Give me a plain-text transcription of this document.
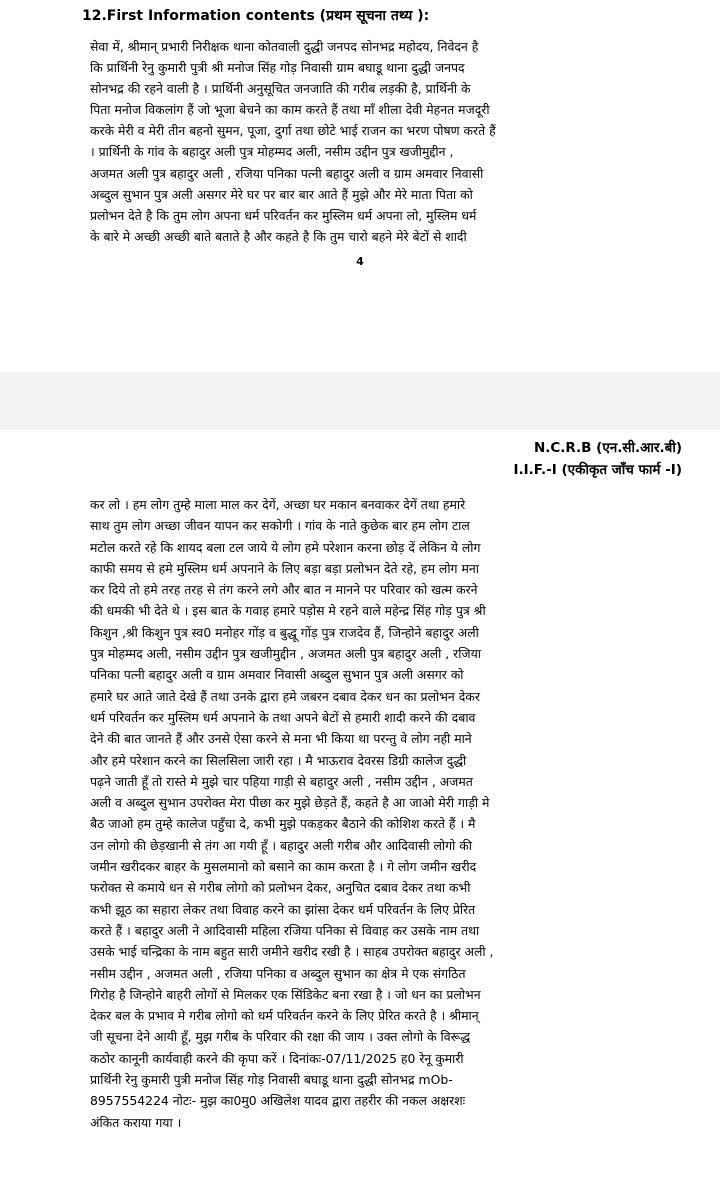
12.First Information contents (प्रथम सूचना तथ्य ):

सेवा में, श्रीमान् प्रभारी निरीक्षक थाना कोतवाली दुद्धी जनपद सोनभद्र महोदय, निवेदन है
कि प्रार्थिनी रेनु कुमारी पुत्री श्री मनोज सिंह गोड़ निवासी ग्राम बघाडू थाना दुद्धी जनपद
सोनभद्र की रहने वाली है । प्रार्थिनी अनुसूचित जनजाति की गरीब लड़की है, प्रार्थिनी के
पिता मनोज विकलांग हैं जो भूजा बेचने का काम करते हैं तथा माँ शीला देवी मेहनत मजदूरी
करके मेरी व मेरी तीन बहनो सुमन, पूजा, दुर्गा तथा छोटे भाई राजन का भरण पोषण करते हैं
। प्रार्थिनी के गांव के बहादुर अली पुत्र मोहम्मद अली, नसीम उद्दीन पुत्र खजीमुद्दीन ,
अजमत अली पुत्र बहादुर अली , रजिया पनिका पत्नी बहादुर अली व ग्राम अमवार निवासी
अब्दुल सुभान पुत्र अली असगर मेरे घर पर बार बार आते हैं मुझे और मेरे माता पिता को
प्रलोभन देते है कि तुम लोग अपना धर्म परिवर्तन कर मुस्लिम धर्म अपना लो, मुस्लिम धर्म
के बारे मे अच्छी अच्छी बाते बताते है और कहते है कि तुम चारो बहने मेरे बेटों से शादी

4
N.C.R.B (एन.सी.आर.बी)
I.I.F.-I (एकीकृत जाँच फार्म -I)

कर लो । हम लोग तुम्हे माला माल कर देगें, अच्छा घर मकान बनवाकर देगें तथा हमारे
साथ तुम लोग अच्छा जीवन यापन कर सकोगी । गांव के नाते कुछेक बार हम लोग टाल
मटोल करते रहे कि शायद बला टल जाये ये लोग हमे परेशान करना छोड़ दें लेकिन ये लोग
काफी समय से हमे मुस्लिम धर्म अपनाने के लिए बड़ा बड़ा प्रलोभन देते रहे, हम लोग मना
कर दिये तो हमे तरह तरह से तंग करने लगे और बात न मानने पर परिवार को खत्म करने
की धमकी भी देते थे । इस बात के गवाह हमारे पड़ोस मे रहने वाले महेन्द्र सिंह गोड़ पुत्र श्री
किशुन ,श्री किशुन पुत्र स्व0 मनोहर गोंड़ व बुद्धू गोंड़ पुत्र राजदेव हैं, जिन्होने बहादुर अली
पुत्र मोहम्मद अली, नसीम उद्दीन पुत्र खजीमुद्दीन , अजमत अली पुत्र बहादुर अली , रजिया
पनिका पत्नी बहादुर अली व ग्राम अमवार निवासी अब्दुल सुभान पुत्र अली असगर को
हमारे घर आते जाते देखे हैं तथा उनके द्वारा हमे जबरन दबाव देकर धन का प्रलोभन देकर
धर्म परिवर्तन कर मुस्लिम धर्म अपनाने के तथा अपने बेटों से हमारी शादी करने की दबाव
देने की बात जानते हैं और उनसे ऐसा करने से मना भी किया था परन्तु वे लोग नही माने
और हमे परेशान करने का सिलसिला जारी रहा । मै भाऊराव देवरस डिग्री कालेज दुद्धी
पढ़ने जाती हूँ तो रास्ते मे मुझे चार पहिया गाड़ी से बहादुर अली , नसीम उद्दीन , अजमत
अली व अब्दुल सुभान उपरोक्त मेरा पीछा कर मुझे छेड़ते हैं, कहते है आ जाओ मेरी गाड़ी मे
बैठ जाओ हम तुम्हे कालेज पहुँचा दे, कभी मुझे पकड़कर बैठाने की कोशिश करते हैं । मै
उन लोगो की छेड़खानी से तंग आ गयी हूँ । बहादुर अली गरीब और आदिवासी लोगो की
जमीन खरीदकर बाहर के मुसलमानो को बसाने का काम करता है । गे लोग जमीन खरीद
फरोक्त से कमाये धन से गरीब लोगो को प्रलोभन देकर, अनुचित दबाव देकर तथा कभी
कभी झूठ का सहारा लेकर तथा विवाह करने का झांसा देकर धर्म परिवर्तन के लिए प्रेरित
करते हैं । बहादुर अली ने आदिवासी महिला रजिया पनिका से विवाह कर उसके नाम तथा
उसके भाई चन्द्रिका के नाम बहुत सारी जमीने खरीद रखी है । साहब उपरोक्त बहादुर अली ,
नसीम उद्दीन , अजमत अली , रजिया पनिका व अब्दुल सुभान का क्षेत्र मे एक संगठित
गिरोह है जिन्होने बाहरी लोगों से मिलकर एक सिंडिकेट बना रखा है । जो धन का प्रलोभन
देकर बल के प्रभाव मे गरीब लोगो को धर्म परिवर्तन करने के लिए प्रेरित करते है । श्रीमान्
जी सूचना देने आयी हूँ, मुझ गरीब के परिवार की रक्षा की जाय । उक्त लोगो के विरूद्ध
कठोर कानूनी कार्यवाही करने की कृपा करें । दिनांकः-07/11/2025 ह0 रेनू कुमारी
प्रार्थिनी रेनु कुमारी पुत्री मनोज सिंह गोड़ निवासी बघाडू थाना दुद्धी सोनभद्र mOb-
8957554224 नोटः- मुझ का0मु0 अखिलेश यादव द्वारा तहरीर की नकल अक्षरशः
अंकित कराया गया ।
